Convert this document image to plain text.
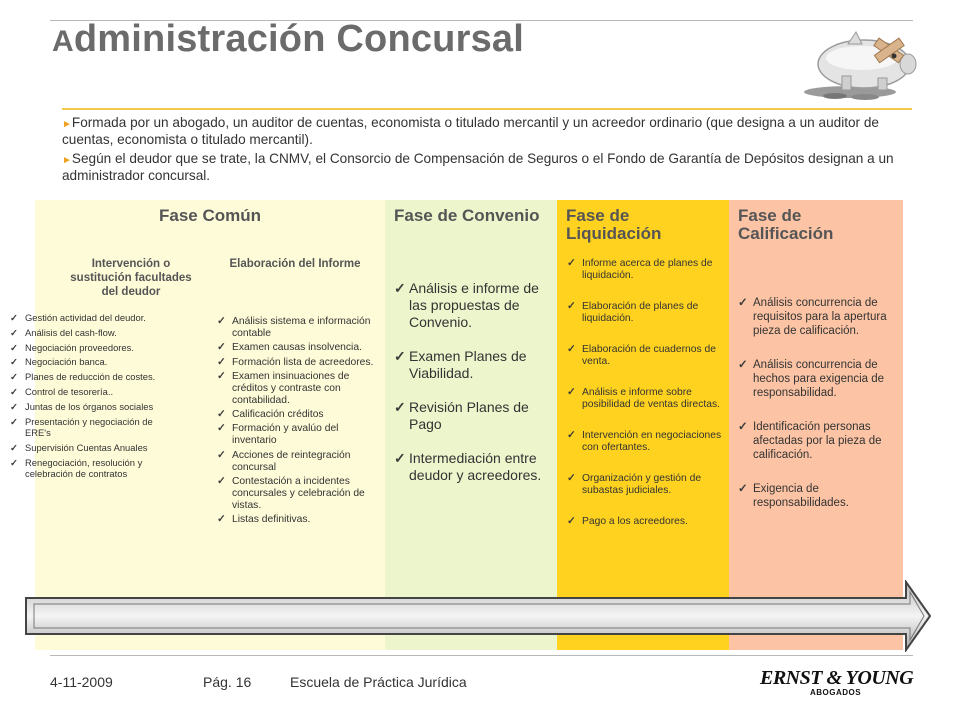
Administración Concursal

►Formada por un abogado, un auditor de cuentas, economista o titulado mercantil y un acreedor ordinario (que designa a un auditor de cuentas, economista o titulado mercantil).

►Según el deudor que se trate, la CNMV, el Consorcio de Compensación de Seguros o el Fondo de Garantía de Depósitos designan a un administrador concursal.

Fase Común
Intervención o sustitución facultades del deudor
Elaboración del Informe
Fase de Convenio	Fase de Liquidación
Fase de Calificación
✓ Gestión actividad del deudor.
✓ Análisis del cash-flow.
✓ Negociación proveedores.
✓ Negociación banca.
✓ Planes de reducción de costes.
✓ Control de tesorería..
✓ Juntas de los órganos sociales
✓ Presentación y negociación de ERE's
✓ Supervisión Cuentas Anuales
✓ Renegociación, resolución y celebración de contratos
✓ Análisis sistema e información contable
✓ Examen causas insolvencia.
✓ Formación lista de acreedores.
✓ Examen insinuaciones de créditos y contraste con contabilidad.
✓ Calificación créditos
✓ Formación y avalúo del inventario
✓ Acciones de reintegración concursal
✓ Contestación a incidentes concursales y celebración de vistas.
✓ Listas definitivas.
✓ Análisis e informe de las propuestas de Convenio.
✓ Examen Planes de Viabilidad.
✓ Revisión Planes de Pago
✓ Intermediación entre deudor y acreedores.
✓ Informe acerca de planes de liquidación.
✓ Elaboración de planes de liquidación.
✓ Elaboración de cuadernos de venta.
✓ Análisis e informe sobre posibilidad de ventas directas.
✓ Intervención en negociaciones con ofertantes.
✓ Organización y gestión de subastas judiciales.
✓ Pago a los acreedores.
✓ Análisis concurrencia de requisitos para la apertura pieza de calificación.
✓ Análisis concurrencia de hechos para exigencia de responsabilidad.
✓ Identificación personas afectadas por la pieza de calificación.
✓ Exigencia de responsabilidades.
4-11-2009	Pág. 16	Escuela de Práctica Jurídica	ERNST & YOUNG
ABOGADOS
